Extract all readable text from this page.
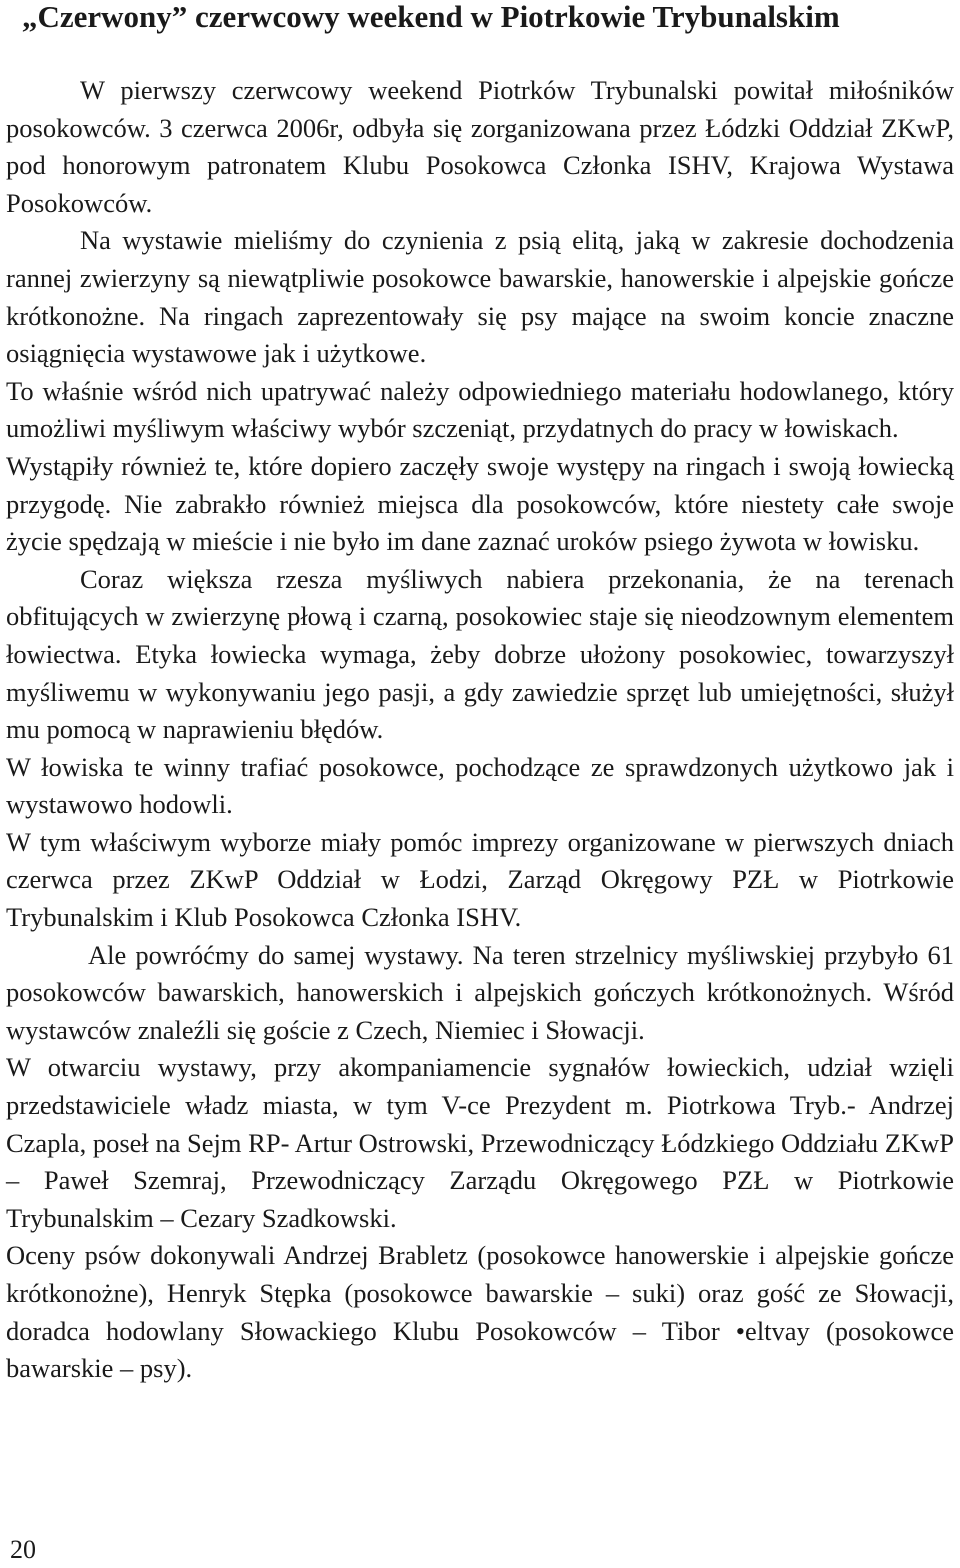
„Czerwony” czerwcowy weekend w Piotrkowie Trybunalskim

W pierwszy czerwcowy weekend Piotrków Trybunalski powitał miłośników posokowców. 3 czerwca 2006r, odbyła się zorganizowana przez Łódzki Oddział ZKwP, pod honorowym patronatem Klubu Posokowca Członka ISHV, Krajowa Wystawa Posokowców.

Na wystawie mieliśmy do czynienia z psią elitą, jaką w zakresie dochodzenia rannej zwierzyny są niewątpliwie posokowce bawarskie, hanowerskie i alpejskie gończe krótkonożne. Na ringach zaprezentowały się psy mające na swoim koncie znaczne osiągnięcia wystawowe jak i użytkowe.

To właśnie wśród nich upatrywać należy odpowiedniego materiału hodowlanego, który umożliwi myśliwym właściwy wybór szczeniąt, przydatnych do pracy w łowiskach.

Wystąpiły również te, które dopiero zaczęły swoje występy na ringach i swoją łowiecką przygodę. Nie zabrakło również miejsca dla posokowców, które niestety całe swoje życie spędzają w mieście i nie było im dane zaznać uroków psiego żywota w łowisku.

Coraz większa rzesza myśliwych nabiera przekonania, że na terenach obfitujących w zwierzynę płową i czarną, posokowiec staje się nieodzownym elementem łowiectwa. Etyka łowiecka wymaga, żeby dobrze ułożony posokowiec, towarzyszył myśliwemu w wykonywaniu jego pasji, a gdy zawiedzie sprzęt lub umiejętności, służył mu pomocą w naprawieniu błędów.

W łowiska te winny trafiać posokowce, pochodzące ze sprawdzonych użytkowo jak i wystawowo hodowli.

W tym właściwym wyborze miały pomóc imprezy organizowane w pierwszych dniach czerwca przez ZKwP Oddział w Łodzi, Zarząd Okręgowy PZŁ w Piotrkowie Trybunalskim i Klub Posokowca Członka ISHV.

Ale powróćmy do samej wystawy. Na teren strzelnicy myśliwskiej przybyło 61 posokowców bawarskich, hanowerskich i alpejskich gończych krótkonożnych. Wśród wystawców znaleźli się goście z Czech, Niemiec i Słowacji.

W otwarciu wystawy, przy akompaniamencie sygnałów łowieckich, udział wzięli przedstawiciele władz miasta, w tym V-ce Prezydent m. Piotrkowa Tryb.- Andrzej Czapla, poseł na Sejm RP- Artur Ostrowski, Przewodniczący Łódzkiego Oddziału ZKwP – Paweł Szemraj, Przewodniczący Zarządu Okręgowego PZŁ w Piotrkowie Trybunalskim – Cezary Szadkowski.

Oceny psów dokonywali Andrzej Brabletz (posokowce hanowerskie i alpejskie gończe krótkonożne), Henryk Stępka (posokowce bawarskie – suki) oraz gość ze Słowacji, doradca hodowlany Słowackiego Klubu Posokowców – Tibor •eltvay (posokowce bawarskie – psy).

20
